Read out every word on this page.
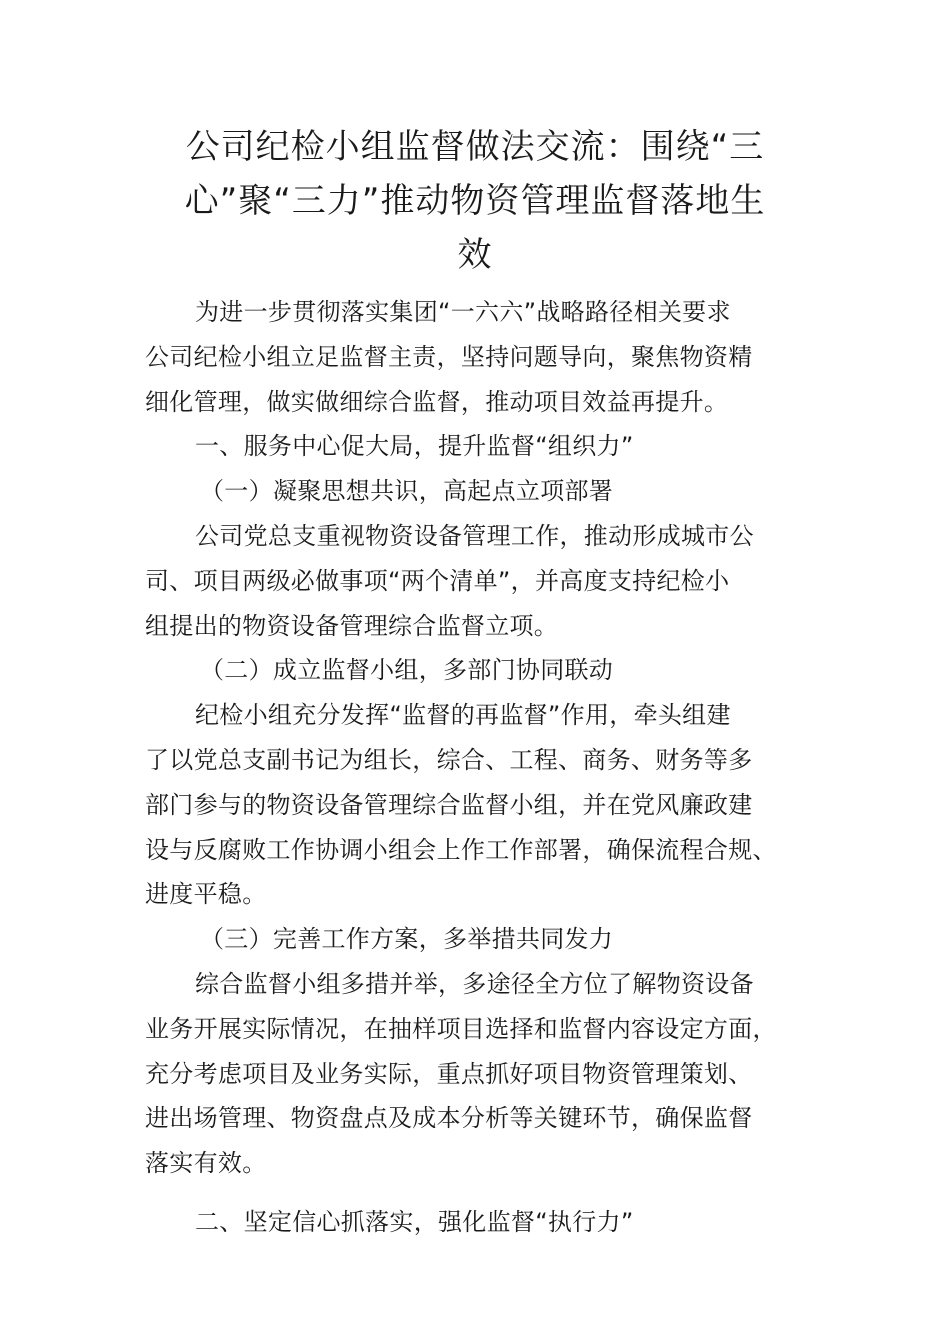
公司纪检小组监督做法交流：围绕“三
心”聚“三力”推动物资管理监督落地生
效
为进一步贯彻落实集团“一六六”战略路径相关要求
公司纪检小组立足监督主责，坚持问题导向，聚焦物资精
细化管理，做实做细综合监督，推动项目效益再提升。
一、服务中心促大局，提升监督“组织力”
（一）凝聚思想共识，高起点立项部署
公司党总支重视物资设备管理工作，推动形成城市公
司、项目两级必做事项“两个清单”，并高度支持纪检小
组提出的物资设备管理综合监督立项。
（二）成立监督小组，多部门协同联动
纪检小组充分发挥“监督的再监督”作用，牵头组建
了以党总支副书记为组长，综合、工程、商务、财务等多
部门参与的物资设备管理综合监督小组，并在党风廉政建
设与反腐败工作协调小组会上作工作部署，确保流程合规、
进度平稳。
（三）完善工作方案，多举措共同发力
综合监督小组多措并举，多途径全方位了解物资设备
业务开展实际情况，在抽样项目选择和监督内容设定方面，
充分考虑项目及业务实际，重点抓好项目物资管理策划、
进出场管理、物资盘点及成本分析等关键环节，确保监督
落实有效。
二、坚定信心抓落实，强化监督“执行力”
